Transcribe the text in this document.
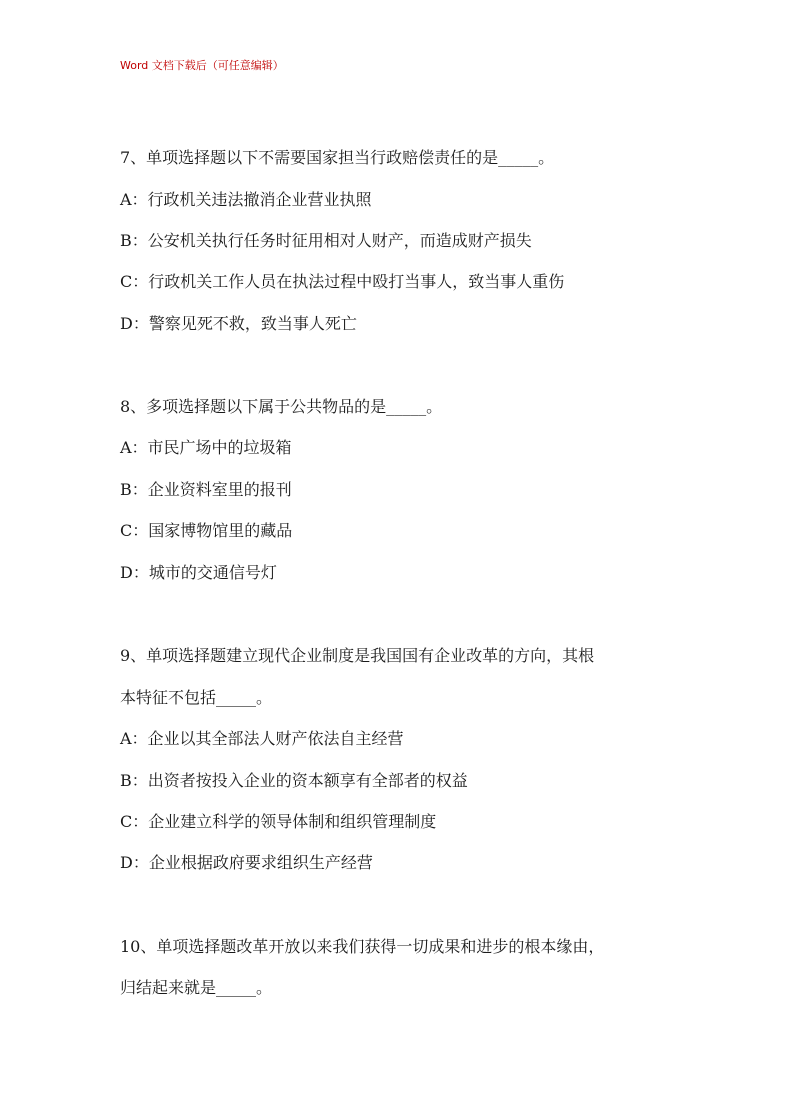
Word 文档下载后（可任意编辑）
7、单项选择题以下不需要国家担当行政赔偿责任的是_____。
A：行政机关违法撤消企业营业执照
B：公安机关执行任务时征用相对人财产，而造成财产损失
C：行政机关工作人员在执法过程中殴打当事人，致当事人重伤
D：警察见死不救，致当事人死亡
8、多项选择题以下属于公共物品的是_____。
A：市民广场中的垃圾箱
B：企业资料室里的报刊
C：国家博物馆里的藏品
D：城市的交通信号灯
9、单项选择题建立现代企业制度是我国国有企业改革的方向，其根
本特征不包括_____。
A：企业以其全部法人财产依法自主经营
B：出资者按投入企业的资本额享有全部者的权益
C：企业建立科学的领导体制和组织管理制度
D：企业根据政府要求组织生产经营
10、单项选择题改革开放以来我们获得一切成果和进步的根本缘由，
归结起来就是_____。
